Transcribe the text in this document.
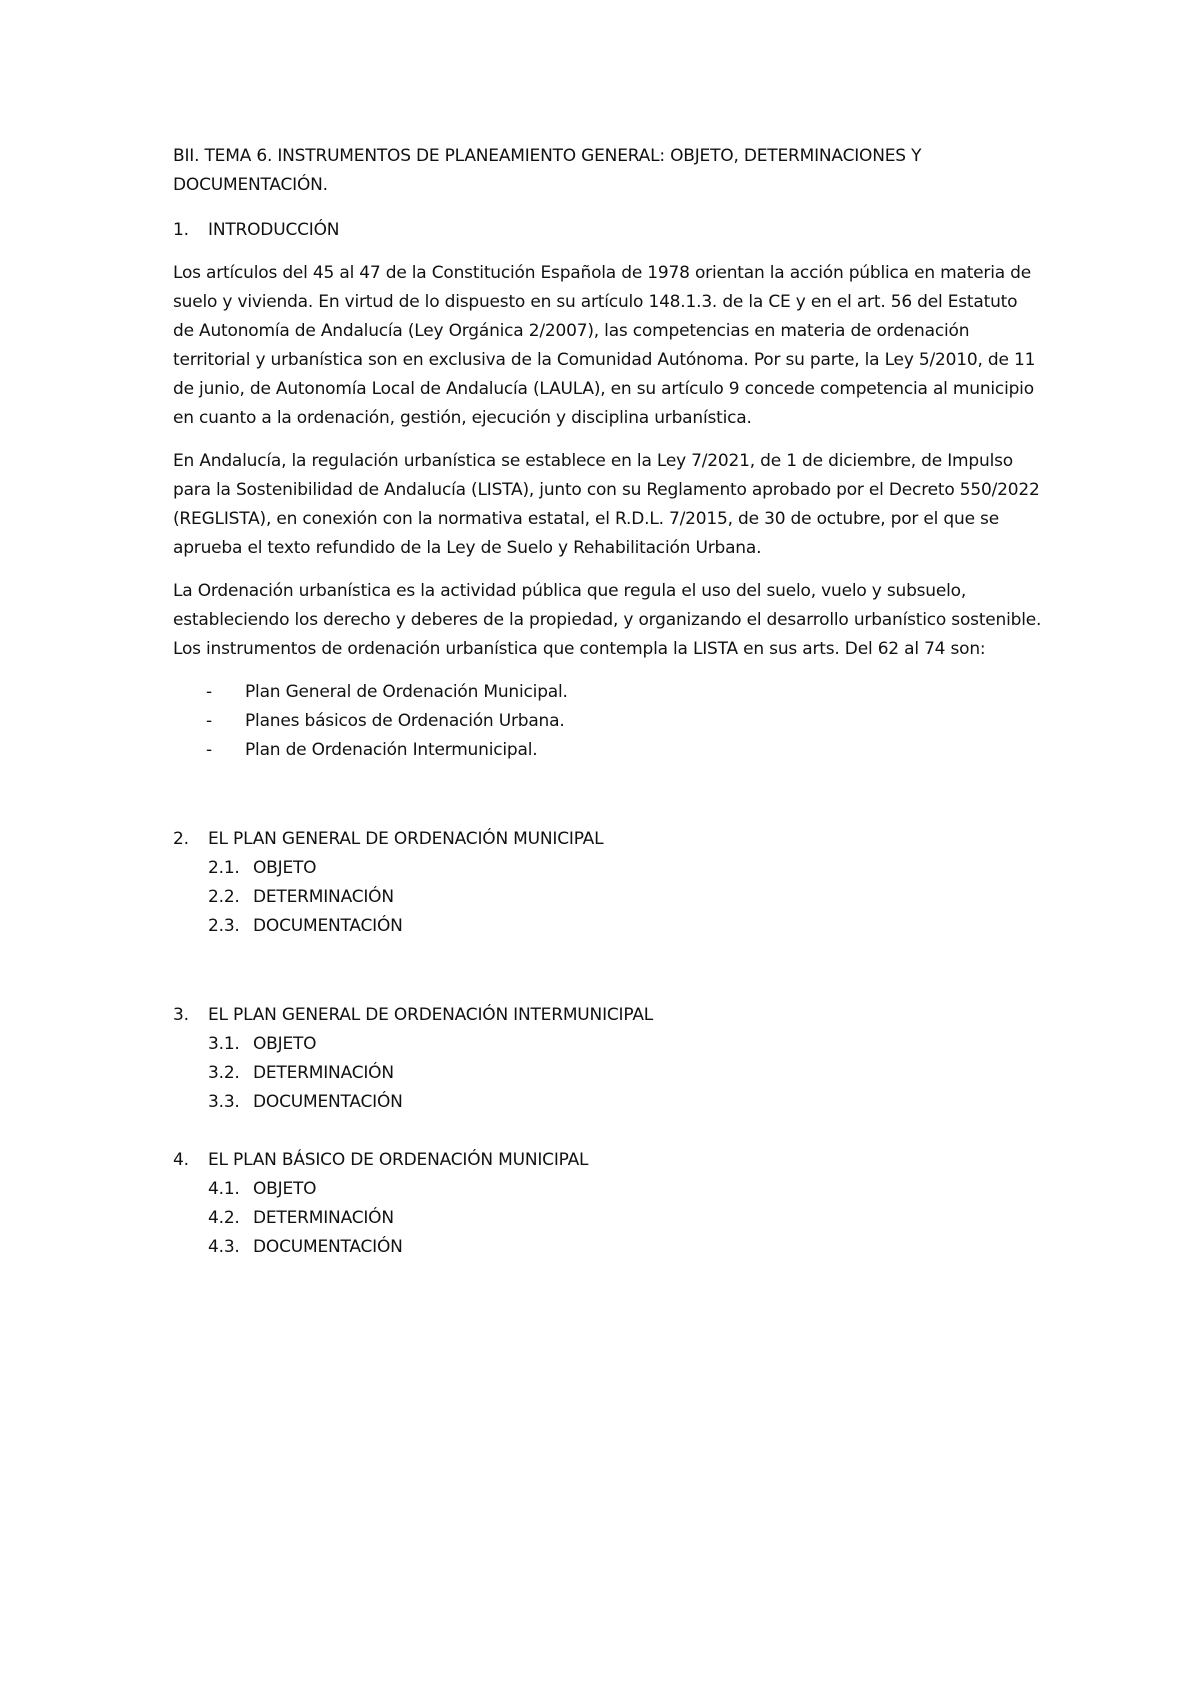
BII. TEMA 6. INSTRUMENTOS DE PLANEAMIENTO GENERAL: OBJETO, DETERMINACIONES Y DOCUMENTACIÓN.

1.	INTRODUCCIÓN

Los artículos del 45 al 47 de la Constitución Española de 1978 orientan la acción pública en materia de suelo y vivienda. En virtud de lo dispuesto en su artículo 148.1.3. de la CE y en el art. 56 del Estatuto de Autonomía de Andalucía (Ley Orgánica 2/2007), las competencias en materia de ordenación territorial y urbanística son en exclusiva de la Comunidad Autónoma. Por su parte, la Ley 5/2010, de 11 de junio, de Autonomía Local de Andalucía (LAULA), en su artículo 9 concede competencia al municipio en cuanto a la ordenación, gestión, ejecución y disciplina urbanística.

En Andalucía, la regulación urbanística se establece en la Ley 7/2021, de 1 de diciembre, de Impulso para la Sostenibilidad de Andalucía (LISTA), junto con su Reglamento aprobado por el Decreto 550/2022 (REGLISTA), en conexión con la normativa estatal, el R.D.L. 7/2015, de 30 de octubre, por el que se aprueba el texto refundido de la Ley de Suelo y Rehabilitación Urbana.

La Ordenación urbanística es la actividad pública que regula el uso del suelo, vuelo y subsuelo, estableciendo los derecho y deberes de la propiedad, y organizando el desarrollo urbanístico sostenible. Los instrumentos de ordenación urbanística que contempla la LISTA en sus arts. Del 62 al 74 son:

-	Plan General de Ordenación Municipal.
-	Planes básicos de Ordenación Urbana.
-	Plan de Ordenación Intermunicipal.
2.	EL PLAN GENERAL DE ORDENACIÓN MUNICIPAL
2.1. OBJETO
2.2. DETERMINACIÓN
2.3. DOCUMENTACIÓN
3.	EL PLAN GENERAL DE ORDENACIÓN INTERMUNICIPAL
3.1. OBJETO
3.2. DETERMINACIÓN
3.3. DOCUMENTACIÓN
4.	EL PLAN BÁSICO DE ORDENACIÓN MUNICIPAL
4.1. OBJETO
4.2. DETERMINACIÓN
4.3. DOCUMENTACIÓN
